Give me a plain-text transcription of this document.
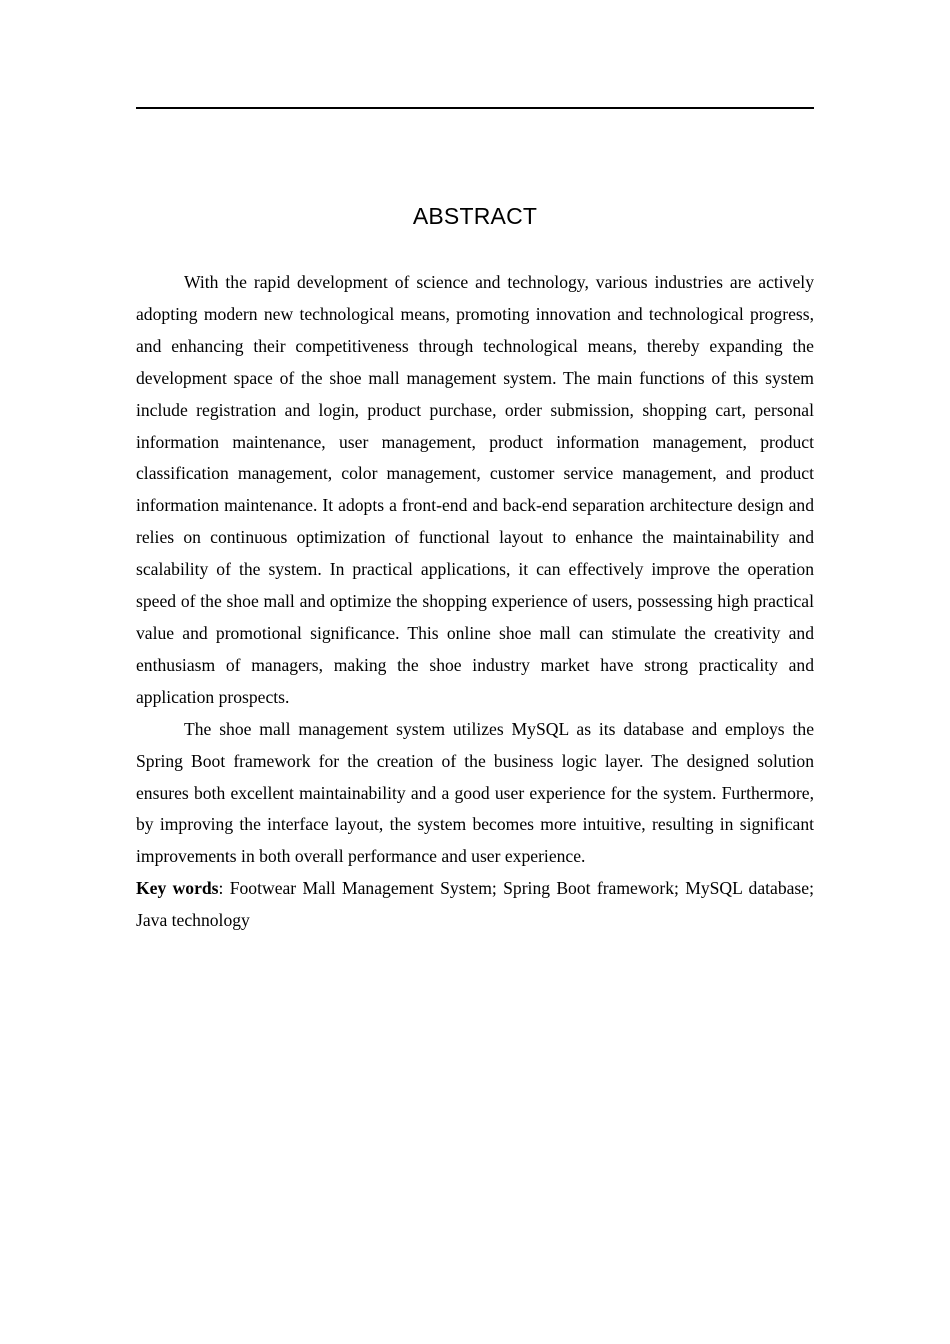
ABSTRACT

With the rapid development of science and technology, various industries are actively adopting modern new technological means, promoting innovation and technological progress, and enhancing their competitiveness through technological means, thereby expanding the development space of the shoe mall management system. The main functions of this system include registration and login, product purchase, order submission, shopping cart, personal information maintenance, user management, product information management, product classification management, color management, customer service management, and product information maintenance. It adopts a front-end and back-end separation architecture design and relies on continuous optimization of functional layout to enhance the maintainability and scalability of the system. In practical applications, it can effectively improve the operation speed of the shoe mall and optimize the shopping experience of users, possessing high practical value and promotional significance. This online shoe mall can stimulate the creativity and enthusiasm of managers, making the shoe industry market have strong practicality and application prospects.

The shoe mall management system utilizes MySQL as its database and employs the Spring Boot framework for the creation of the business logic layer. The designed solution ensures both excellent maintainability and a good user experience for the system. Furthermore, by improving the interface layout, the system becomes more intuitive, resulting in significant improvements in both overall performance and user experience.

Key words: Footwear Mall Management System; Spring Boot framework; MySQL database; Java technology
